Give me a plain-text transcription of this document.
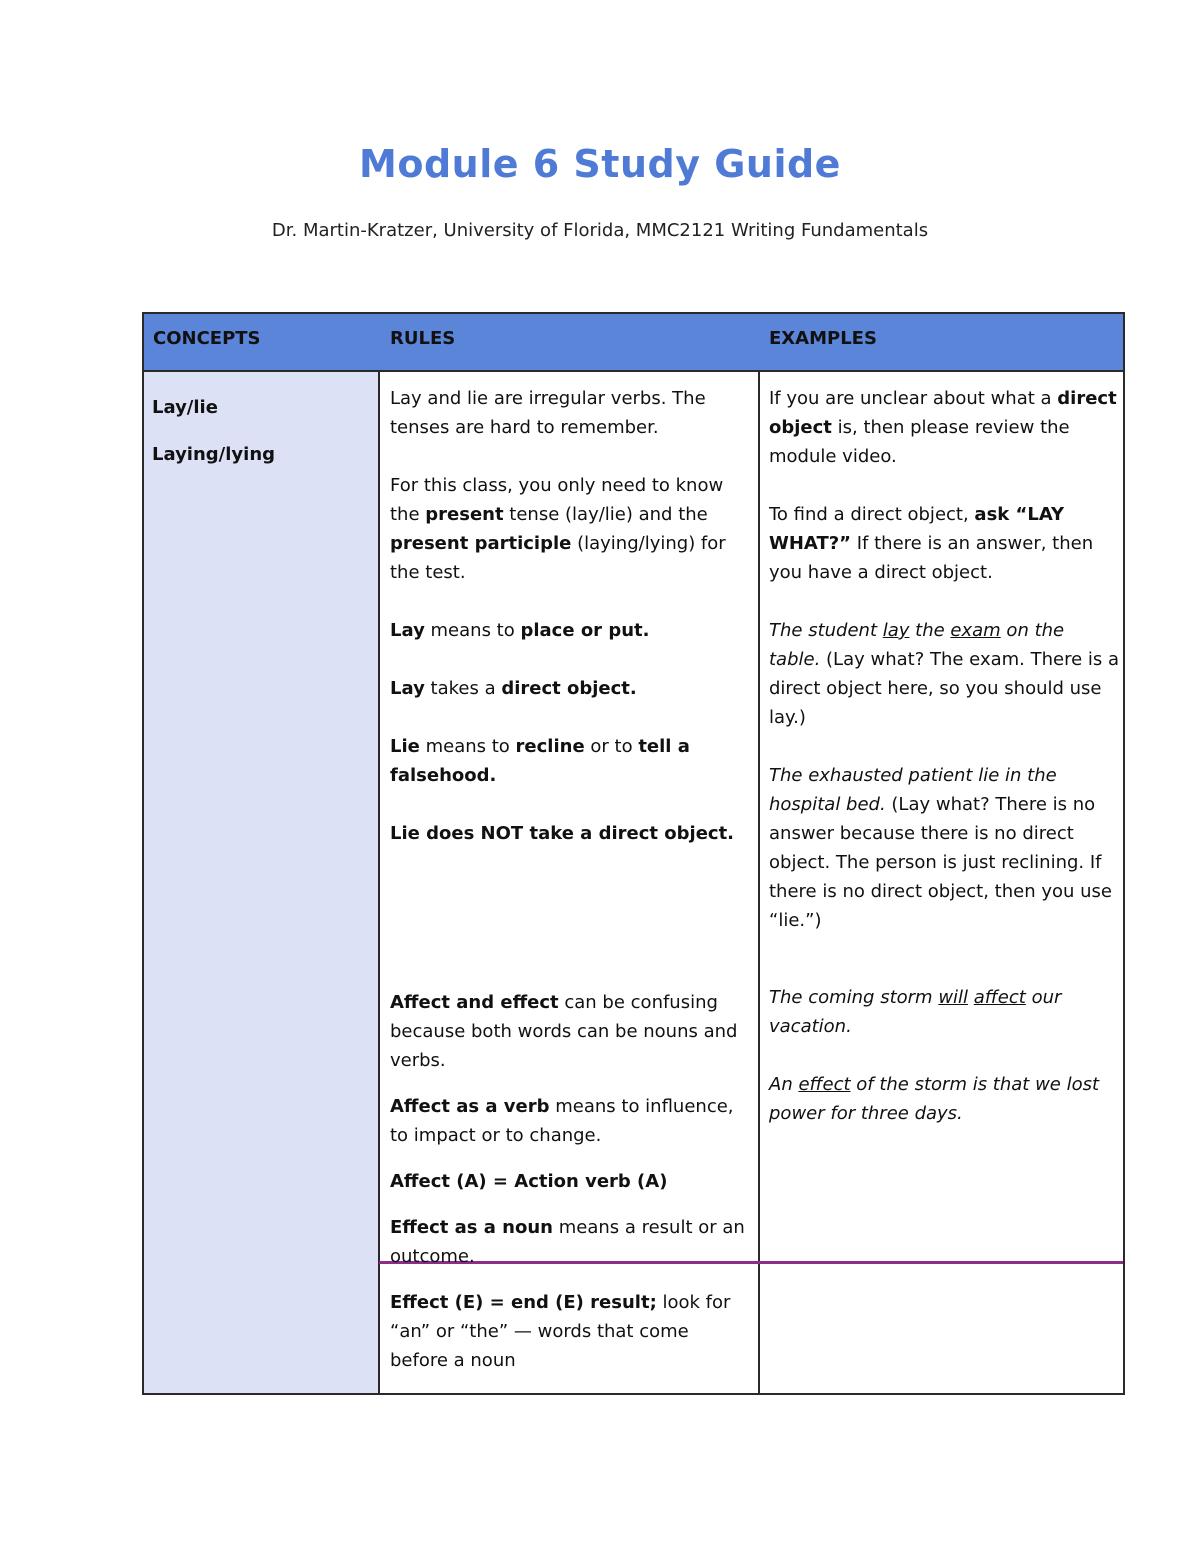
Module 6 Study Guide

Dr. Martin-Kratzer, University of Florida, MMC2121 Writing Fundamentals

CONCEPTS	RULES	EXAMPLES

Lay/lie

Laying/lying

Lay and lie are irregular verbs. The tenses are hard to remember.

For this class, you only need to know the present tense (lay/lie) and the present participle (laying/lying) for the test.

Lay means to place or put.

Lay takes a direct object.

Lie means to recline or to tell a falsehood.

Lie does NOT take a direct object.

If you are unclear about what a direct object is, then please review the module video.

To find a direct object, ask “LAY WHAT?” If there is an answer, then you have a direct object.

The student lay the exam on the table. (Lay what? The exam. There is a direct object here, so you should use lay.)

The exhausted patient lie in the hospital bed. (Lay what? There is no answer because there is no direct object. The person is just reclining. If there is no direct object, then you use “lie.”)

Affect and effect can be confusing because both words can be nouns and verbs.

Affect as a verb means to influence, to impact or to change.

Affect (A) = Action verb (A)

Effect as a noun means a result or an outcome.

Effect (E) = end (E) result; look for “an” or “the” — words that come before a noun

The coming storm will affect our vacation.

An effect of the storm is that we lost power for three days.
